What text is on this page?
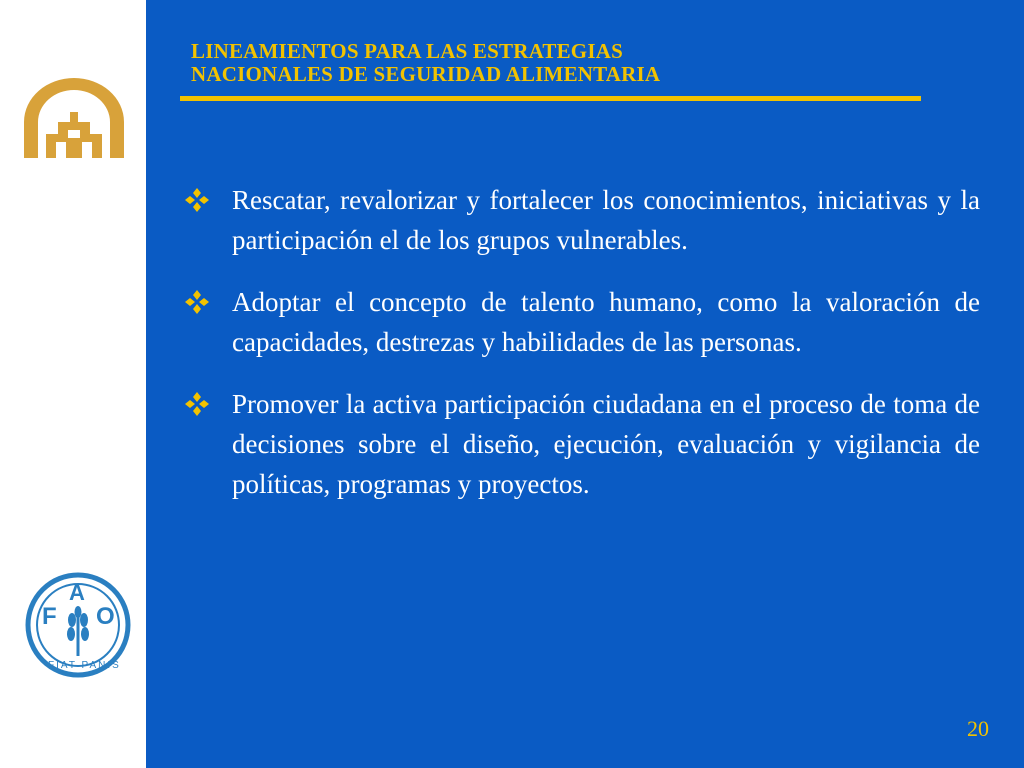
F
A
O
FIAT PANIS
LINEAMIENTOS PARA LAS ESTRATEGIAS
NACIONALES DE SEGURIDAD ALIMENTARIA
Rescatar, revalorizar y fortalecer los conocimientos, iniciativas y la participación el de los grupos vulnerables.
Adoptar el concepto de talento humano, como la valoración de capacidades, destrezas y habilidades de las personas.
Promover la activa participación ciudadana en el proceso de toma de decisiones sobre el diseño, ejecución, evaluación y vigilancia de políticas, programas y proyectos.
20
